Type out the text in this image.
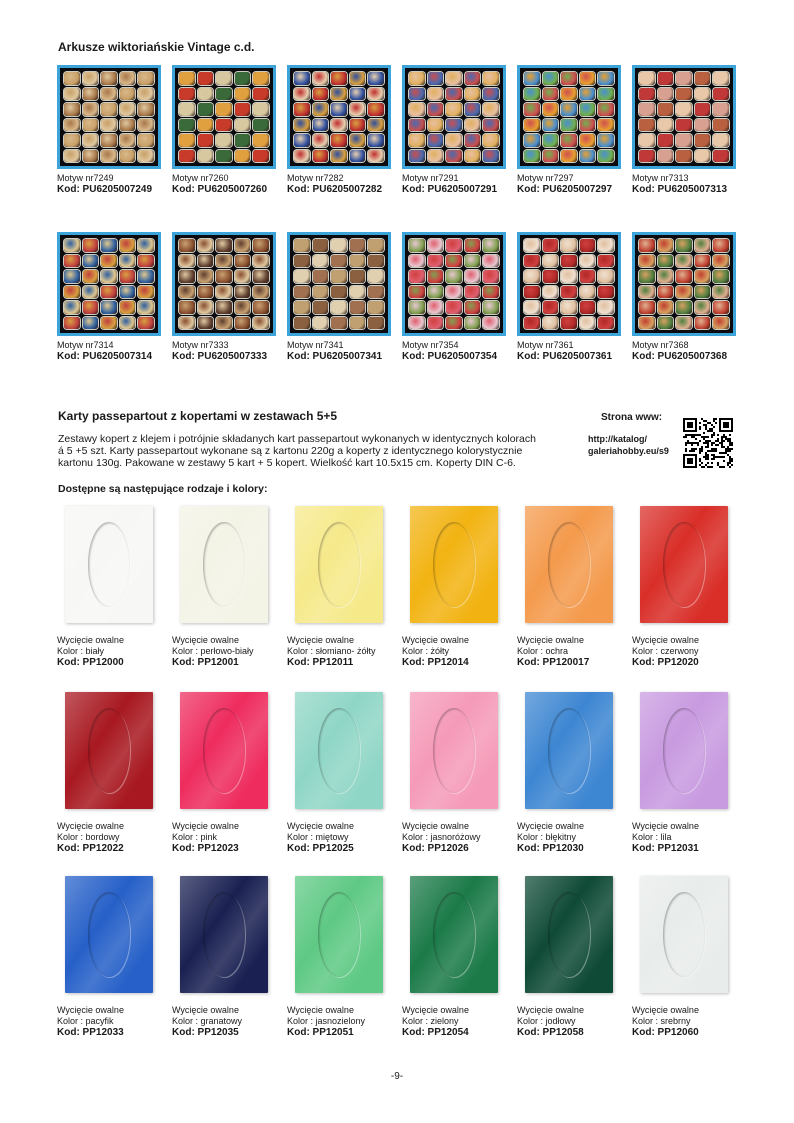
Arkusze wiktoriańskie Vintage c.d.
Motyw nr7249
Kod: PU6205007249
Motyw nr7260
Kod: PU6205007260
Motyw nr7282
Kod: PU6205007282
Motyw nr7291
Kod: PU6205007291
Motyw nr7297
Kod: PU6205007297
Motyw nr7313
Kod: PU6205007313
Motyw nr7314
Kod: PU6205007314
Motyw nr7333
Kod: PU6205007333
Motyw nr7341
Kod: PU6205007341
Motyw nr7354
Kod: PU6205007354
Motyw nr7361
Kod: PU6205007361
Motyw nr7368
Kod: PU6205007368
Karty passepartout z kopertami w zestawach 5+5

Zestawy kopert z klejem i potrójnie składanych kart passepartout wykonanych w identycznych kolorach á 5 +5 szt. Karty passepartout wykonane są z kartonu 220g a koperty z identycznego kolorystycznie kartonu 130g. Pakowane w zestawy 5 kart + 5 kopert. Wielkość kart 10.5x15 cm. Koperty DIN C-6.

Dostępne są następujące rodzaje i kolory:

Strona www:
http://katalog/ galeriahobby.eu/s9
Wycięcie owalne
Kolor : biały
Kod: PP12000
Wycięcie owalne
Kolor : perłowo-biały
Kod: PP12001
Wycięcie owalne
Kolor : słomiano- żółty
Kod: PP12011
Wycięcie owalne
Kolor : żółty
Kod: PP12014
Wycięcie owalne
Kolor : ochra
Kod: PP120017
Wycięcie owalne
Kolor : czerwony
Kod: PP12020
Wycięcie owalne
Kolor : bordowy
Kod: PP12022
Wycięcie owalne
Kolor : pink
Kod: PP12023
Wycięcie owalne
Kolor : miętowy
Kod: PP12025
Wycięcie owalne
Kolor : jasnoróżowy
Kod: PP12026
Wycięcie owalne
Kolor : błękitny
Kod: PP12030
Wycięcie owalne
Kolor : lila
Kod: PP12031
Wycięcie owalne
Kolor : pacyfik
Kod: PP12033
Wycięcie owalne
Kolor : granatowy
Kod: PP12035
Wycięcie owalne
Kolor : jasnozielony
Kod: PP12051
Wycięcie owalne
Kolor : zielony
Kod: PP12054
Wycięcie owalne
Kolor : jodłowy
Kod: PP12058
Wycięcie owalne
Kolor : srebrny
Kod: PP12060
-9-
